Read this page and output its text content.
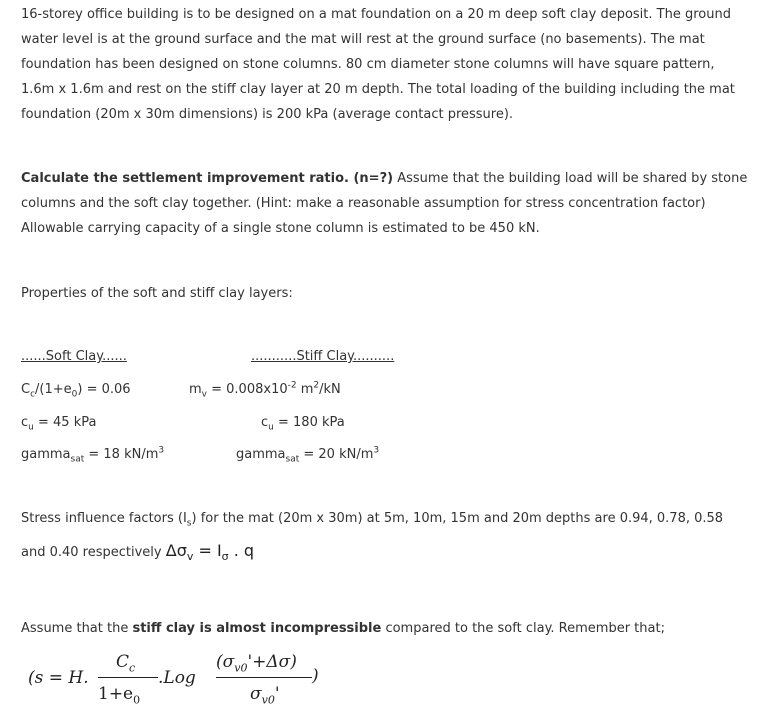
16-storey office building is to be designed on a mat foundation on a 20 m deep soft clay deposit. The ground water level is at the ground surface and the mat will rest at the ground surface (no basements). The mat foundation has been designed on stone columns. 80 cm diameter stone columns will have square pattern, 1.6m x 1.6m and rest on the stiff clay layer at 20 m depth. The total loading of the building including the mat foundation (20m x 30m dimensions) is 200 kPa (average contact pressure).

Calculate the settlement improvement ratio. (n=?) Assume that the building load will be shared by stone columns and the soft clay together. (Hint: make a reasonable assumption for stress concentration factor) Allowable carrying capacity of a single stone column is estimated to be 450 kN.

Properties of the soft and stiff clay layers:

......Soft Clay......
$C_c/(1+e_0) = 0.06$
$c_u = 45$ kPa
gamma$_{sat}$ = 18 $kN/m^3$
...........Stiff Clay..........
$m_v = 0.008x10^{-2}$ $m^2/kN$
$c_u = 180$ kPa
gamma$_{sat}$ = 20 $kN/m^3$

Stress influence factors $(I_s)$ for the mat (20m x 30m) at 5m, 10m, 15m and 20m depths are 0.94, 0.78, 0.58

and 0.40 respectively $\Delta\sigma_v = I_\sigma$ . q

Assume that the stiff clay is almost incompressible compared to the soft clay. Remember that;

(s = H.
$C_c$
$1+e_0$
.Log
$(\sigma_{v0}'+\Delta\sigma)$
$\sigma_{v0}'$
)
